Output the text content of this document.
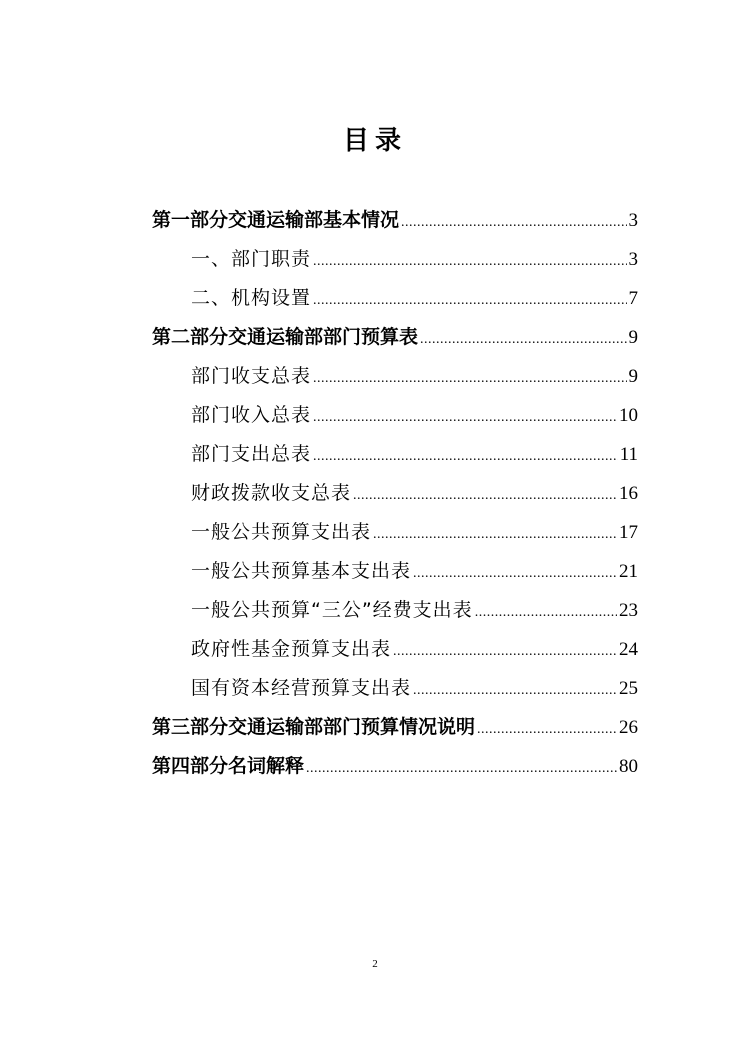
目录
第一部分交通运输部基本情况 .....	3
一、部门职责 .....	3
二、机构设置 .....	7
第二部分交通运输部部门预算表 .....	9
部门收支总表 .....	9
部门收入总表 .....	10
部门支出总表 .....	11
财政拨款收支总表 .....	16
一般公共预算支出表 .....	17
一般公共预算基本支出表 .....	21
一般公共预算“三公”经费支出表 .....	23
政府性基金预算支出表 .....	24
国有资本经营预算支出表 .....	25
第三部分交通运输部部门预算情况说明 .....	26
第四部分名词解释 .....	80
2
